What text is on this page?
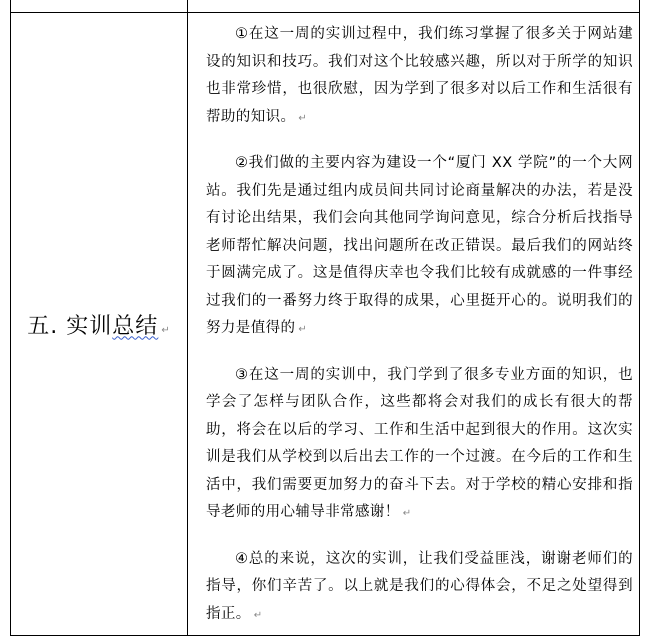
五. 实训总结 ↵	①在这一周的实训过程中，我们练习掌握了很多关于网站建设的知识和技巧。我们对这个比较感兴趣，所以对于所学的知识也非常珍惜，也很欣慰，因为学到了很多对以后工作和生活很有帮助的知识。 ↵

②我们做的主要内容为建设一个“厦门 XX 学院”的一个大网站。我们先是通过组内成员间共同讨论商量解决的办法，若是没有讨论出结果，我们会向其他同学询问意见，综合分析后找指导老师帮忙解决问题，找出问题所在改正错误。最后我们的网站终于圆满完成了。这是值得庆幸也令我们比较有成就感的一件事经过我们的一番努力终于取得的成果，心里挺开心的。说明我们的努力是值得的 ↵

③在这一周的实训中，我门学到了很多专业方面的知识，也学会了怎样与团队合作，这些都将会对我们的成长有很大的帮助，将会在以后的学习、工作和生活中起到很大的作用。这次实训是我们从学校到以后出去工作的一个过渡。在今后的工作和生活中，我们需要更加努力的奋斗下去。对于学校的精心安排和指导老师的用心辅导非常感谢！ ↵

④总的来说，这次的实训，让我们受益匪浅，谢谢老师们的指导，你们辛苦了。以上就是我们的心得体会，不足之处望得到指正。 ↵
